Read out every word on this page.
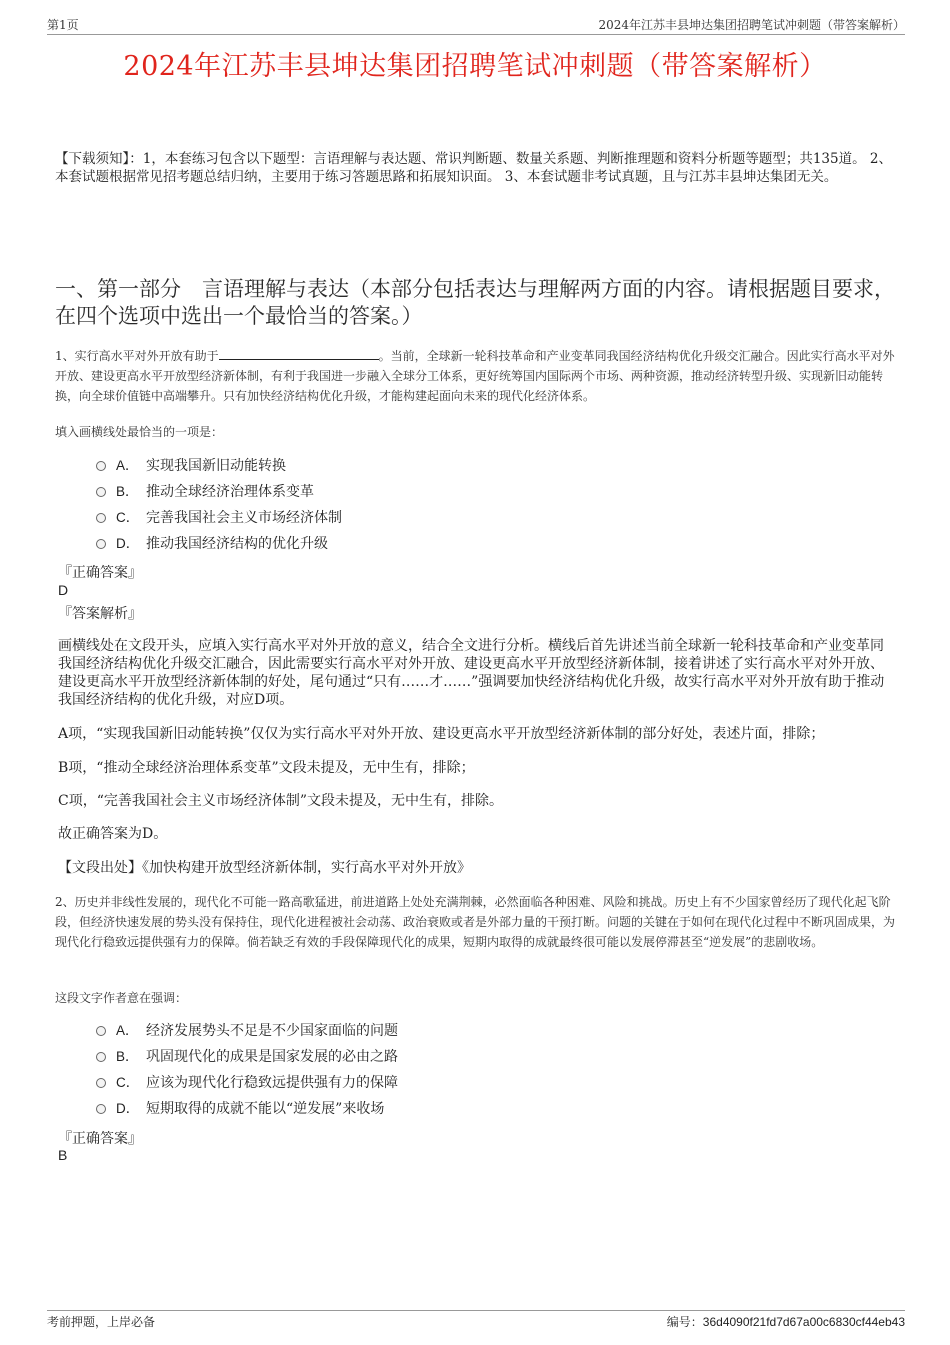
第1页	2024年江苏丰县坤达集团招聘笔试冲刺题（带答案解析）
2024年江苏丰县坤达集团招聘笔试冲刺题（带答案解析）
【下载须知】：1，本套练习包含以下题型：言语理解与表达题、常识判断题、数量关系题、判断推理题和资料分析题等题型；共135道。 2、本套试题根据常见招考题总结归纳，主要用于练习答题思路和拓展知识面。 3、本套试题非考试真题，且与江苏丰县坤达集团无关。
一、第一部分　言语理解与表达（本部分包括表达与理解两方面的内容。请根据题目要求，在四个选项中选出一个最恰当的答案。）
1、实行高水平对外开放有助于	。当前，全球新一轮科技革命和产业变革同我国经济结构优化升级交汇融合。因此实行高水平对外开放、建设更高水平开放型经济新体制，有利于我国进一步融入全球分工体系，更好统筹国内国际两个市场、两种资源，推动经济转型升级、实现新旧动能转换，向全球价值链中高端攀升。只有加快经济结构优化升级，才能构建起面向未来的现代化经济体系。
填入画横线处最恰当的一项是：
A． 实现我国新旧动能转换
B． 推动全球经济治理体系变革
C． 完善我国社会主义市场经济体制
D． 推动我国经济结构的优化升级
『正确答案』
D
『答案解析』
画横线处在文段开头，应填入实行高水平对外开放的意义，结合全文进行分析。横线后首先讲述当前全球新一轮科技革命和产业变革同我国经济结构优化升级交汇融合，因此需要实行高水平对外开放、建设更高水平开放型经济新体制，接着讲述了实行高水平对外开放、建设更高水平开放型经济新体制的好处，尾句通过“只有……才……”强调要加快经济结构优化升级，故实行高水平对外开放有助于推动我国经济结构的优化升级，对应D项。
A项，“实现我国新旧动能转换”仅仅为实行高水平对外开放、建设更高水平开放型经济新体制的部分好处，表述片面，排除；
B项，“推动全球经济治理体系变革”文段未提及，无中生有，排除；
C项，“完善我国社会主义市场经济体制”文段未提及，无中生有，排除。
故正确答案为D。
【文段出处】《加快构建开放型经济新体制，实行高水平对外开放》
2、历史并非线性发展的，现代化不可能一路高歌猛进，前进道路上处处充满荆棘，必然面临各种困难、风险和挑战。历史上有不少国家曾经历了现代化起飞阶段，但经济快速发展的势头没有保持住，现代化进程被社会动荡、政治衰败或者是外部力量的干预打断。问题的关键在于如何在现代化过程中不断巩固成果，为现代化行稳致远提供强有力的保障。倘若缺乏有效的手段保障现代化的成果，短期内取得的成就最终很可能以发展停滞甚至“逆发展”的悲剧收场。
这段文字作者意在强调：
A． 经济发展势头不足是不少国家面临的问题
B． 巩固现代化的成果是国家发展的必由之路
C． 应该为现代化行稳致远提供强有力的保障
D． 短期取得的成就不能以“逆发展”来收场
『正确答案』
B
考前押题，上岸必备	编号：36d4090f21fd7d67a00c6830cf44eb43
